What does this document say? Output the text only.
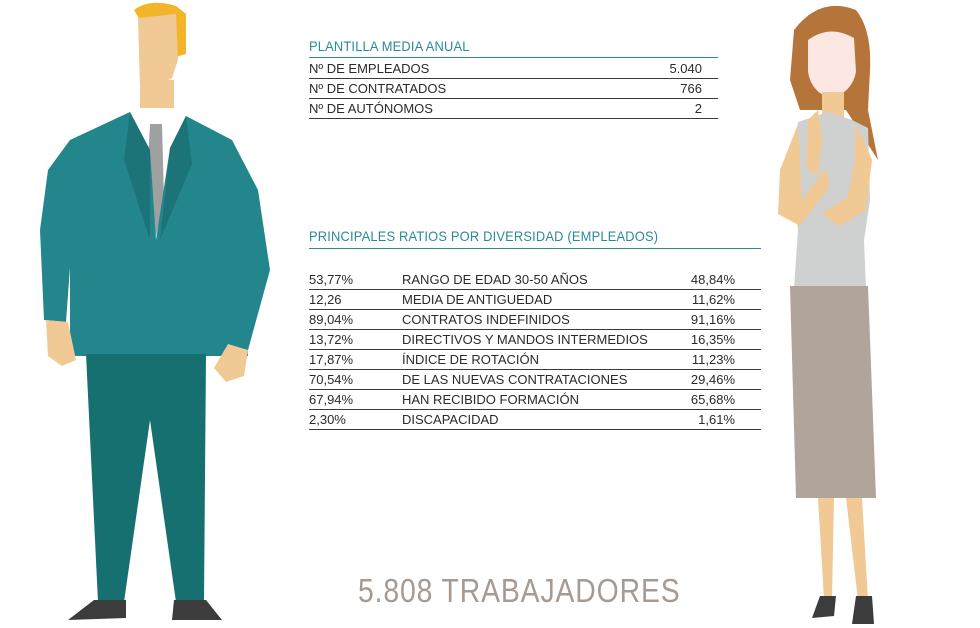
PLANTILLA MEDIA ANUAL
Nº DE EMPLEADOS	5.040
Nº DE CONTRATADOS	766
Nº DE AUTÓNOMOS	2
PRINCIPALES RATIOS POR DIVERSIDAD (EMPLEADOS)
53,77%	RANGO DE EDAD 30-50 AÑOS	48,84%
12,26	MEDIA DE ANTIGUEDAD	11,62%
89,04%	CONTRATOS INDEFINIDOS	91,16%
13,72%	DIRECTIVOS Y MANDOS INTERMEDIOS	16,35%
17,87%	ÍNDICE DE ROTACIÓN	11,23%
70,54%	DE LAS NUEVAS CONTRATACIONES	29,46%
67,94%	HAN RECIBIDO FORMACIÓN	65,68%
2,30%	DISCAPACIDAD	1,61%
5.808 TRABAJADORES
